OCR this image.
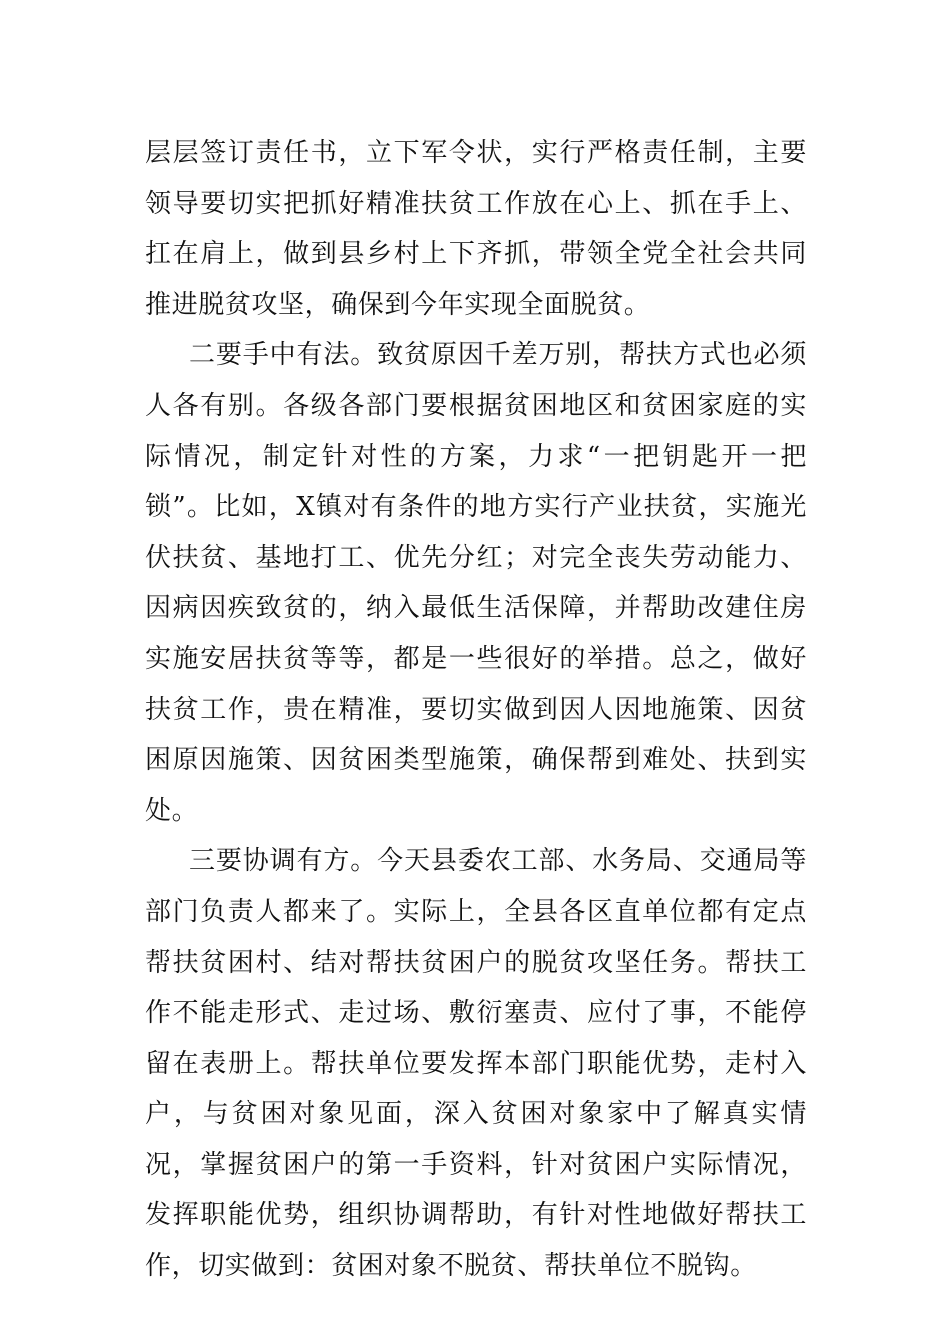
层层签订责任书，立下军令状，实行严格责任制，主要领导要切实把抓好精准扶贫工作放在心上、抓在手上、扛在肩上，做到县乡村上下齐抓，带领全党全社会共同推进脱贫攻坚，确保到今年实现全面脱贫。

二要手中有法。致贫原因千差万别，帮扶方式也必须人各有别。各级各部门要根据贫困地区和贫困家庭的实际情况，制定针对性的方案，力求“一把钥匙开一把锁”。比如，X镇对有条件的地方实行产业扶贫，实施光伏扶贫、基地打工、优先分红；对完全丧失劳动能力、因病因疾致贫的，纳入最低生活保障，并帮助改建住房实施安居扶贫等等，都是一些很好的举措。总之，做好扶贫工作，贵在精准，要切实做到因人因地施策、因贫困原因施策、因贫困类型施策，确保帮到难处、扶到实处。

三要协调有方。今天县委农工部、水务局、交通局等部门负责人都来了。实际上，全县各区直单位都有定点帮扶贫困村、结对帮扶贫困户的脱贫攻坚任务。帮扶工作不能走形式、走过场、敷衍塞责、应付了事，不能停留在表册上。帮扶单位要发挥本部门职能优势，走村入户，与贫困对象见面，深入贫困对象家中了解真实情况，掌握贫困户的第一手资料，针对贫困户实际情况，发挥职能优势，组织协调帮助，有针对性地做好帮扶工作，切实做到：贫困对象不脱贫、帮扶单位不脱钩。
